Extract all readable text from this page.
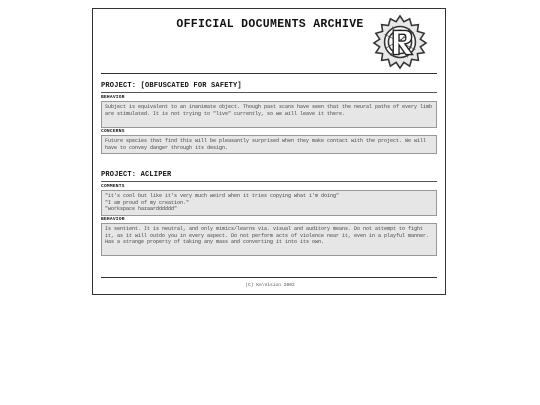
OFFICIAL DOCUMENTS ARCHIVE
PROJECT: [OBFUSCATED FOR SAFETY]
BEHAVIOR
Subject is equivalent to an inanimate object. Though past scans have seen that the neural paths of every limb are stimulated. It is not trying to "live" currently, so we will leave it there.
CONCERNS
Future species that find this will be pleasantly surprised when they make contact with the project. We will have to convey danger through its design.
PROJECT: ACLIPER
COMMENTS
"it's cool but like it's very much weird when it tries copying what i'm doing"
"I am proud of my creation."
"workspace hazaardddddd"
BEHAVIOR
Is sentient. It is neutral, and only mimics/learns via. visual and auditory means. Do not attempt to fight it, as it will outdo you in every aspect. Do not perform acts of violence near it, even in a playful manner. Has a strange property of taking any mass and converting it into its own.
(C) Ke\Vision 2002
